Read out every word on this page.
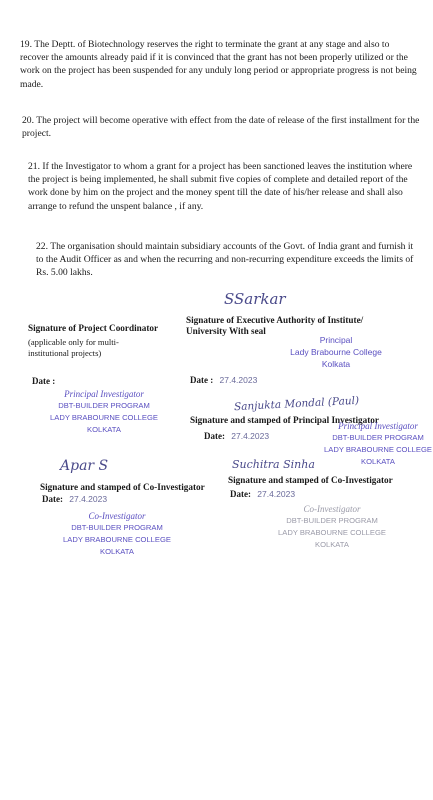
19. The Deptt. of Biotechnology reserves the right to terminate the grant at any stage and also to recover the amounts already paid if it is convinced that the grant has not been properly utilized or the work on the project has been suspended for any unduly long period or appropriate progress is not being made.

20. The project will become operative with effect from the date of release of the first installment for the project.

21. If the Investigator to whom a grant for a project has been sanctioned leaves the institution where the project is being implemented, he shall submit five copies of complete and detailed report of the work done by him on the project and the money spent till the date of his/her release and shall also arrange to refund the unspent balance , if any.

22. The organisation should maintain subsidiary accounts of the Govt. of India grant and furnish it to the Audit Officer as and when the recurring and non-recurring expenditure exceeds the limits of Rs. 5.00 lakhs.

Signature of Project Coordinator

(applicable only for multi-institutional projects)

Date :
SSarkar

Signature of Executive Authority of Institute/ University With seal

Principal
Lady Brabourne College
Kolkata
Date : 27.4.2023
Principal Investigator
DBT-BUILDER PROGRAM
LADY BRABOURNE COLLEGE
KOLKATA
Sanjukta Mondal (Paul)

Signature and stamped of Principal Investigator

Date: 27.4.2023
Principal Investigator
DBT-BUILDER PROGRAM
LADY BRABOURNE COLLEGE
KOLKATA
Apar S

Signature and stamped of Co-Investigator

Date: 27.4.2023
Co-Investigator
DBT-BUILDER PROGRAM
LADY BRABOURNE COLLEGE
KOLKATA
Suchitra Sinha

Signature and stamped of Co-Investigator

Date: 27.4.2023
Co-Investigator
DBT-BUILDER PROGRAM
LADY BRABOURNE COLLEGE
KOLKATA
